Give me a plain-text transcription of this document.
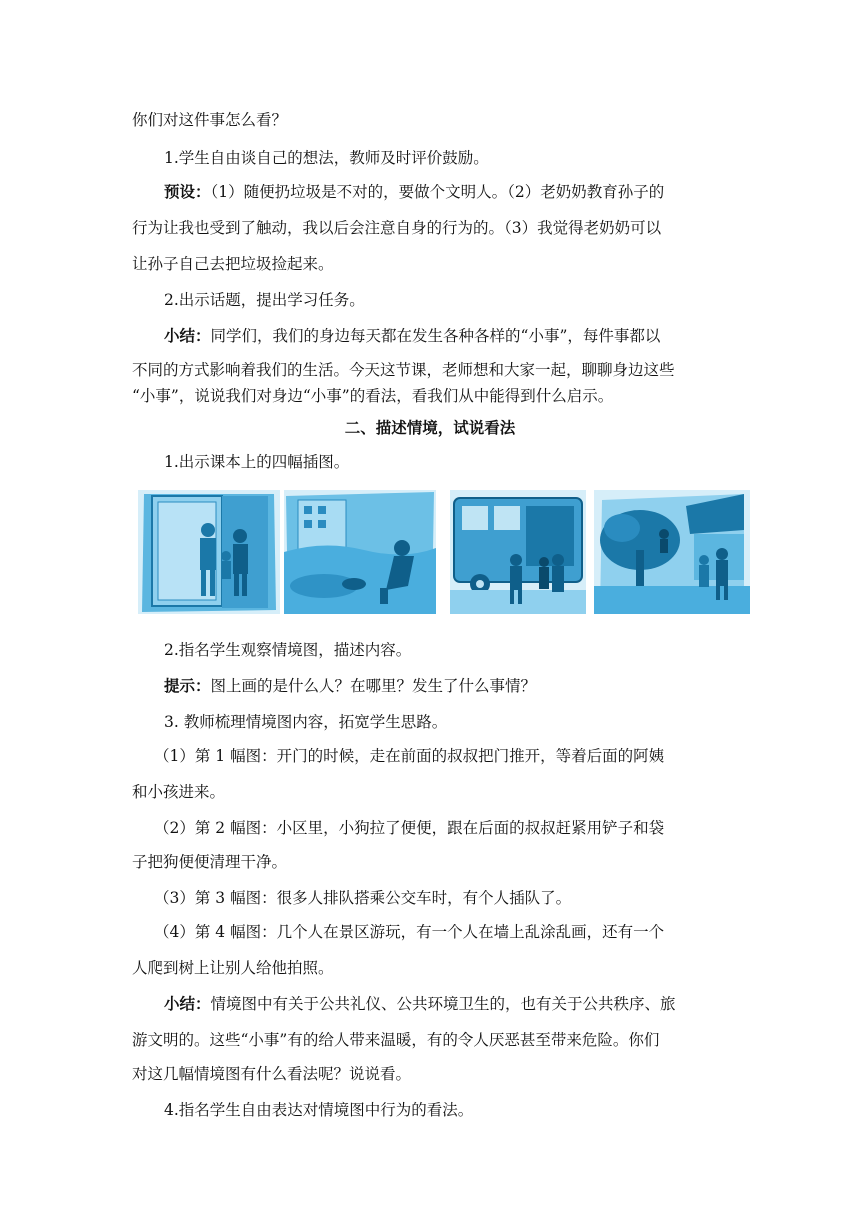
你们对这件事怎么看？
1.学生自由谈自己的想法，教师及时评价鼓励。
预设：（1）随便扔垃圾是不对的，要做个文明人。（2）老奶奶教育孙子的
行为让我也受到了触动，我以后会注意自身的行为的。（3）我觉得老奶奶可以
让孙子自己去把垃圾捡起来。
2.出示话题，提出学习任务。
小结：同学们，我们的身边每天都在发生各种各样的“小事”，每件事都以
不同的方式影响着我们的生活。今天这节课，老师想和大家一起，聊聊身边这些
“小事”，说说我们对身边“小事”的看法，看我们从中能得到什么启示。
二、描述情境，试说看法
1.出示课本上的四幅插图。
2.指名学生观察情境图，描述内容。
提示：图上画的是什么人？在哪里？发生了什么事情？
3. 教师梳理情境图内容，拓宽学生思路。
（1）第 1 幅图：开门的时候，走在前面的叔叔把门推开，等着后面的阿姨
和小孩进来。
（2）第 2 幅图：小区里，小狗拉了便便，跟在后面的叔叔赶紧用铲子和袋
子把狗便便清理干净。
（3）第 3 幅图：很多人排队搭乘公交车时，有个人插队了。
（4）第 4 幅图：几个人在景区游玩，有一个人在墙上乱涂乱画，还有一个
人爬到树上让别人给他拍照。
小结：情境图中有关于公共礼仪、公共环境卫生的，也有关于公共秩序、旅
游文明的。这些“小事”有的给人带来温暖，有的令人厌恶甚至带来危险。你们
对这几幅情境图有什么看法呢？说说看。
4.指名学生自由表达对情境图中行为的看法。
